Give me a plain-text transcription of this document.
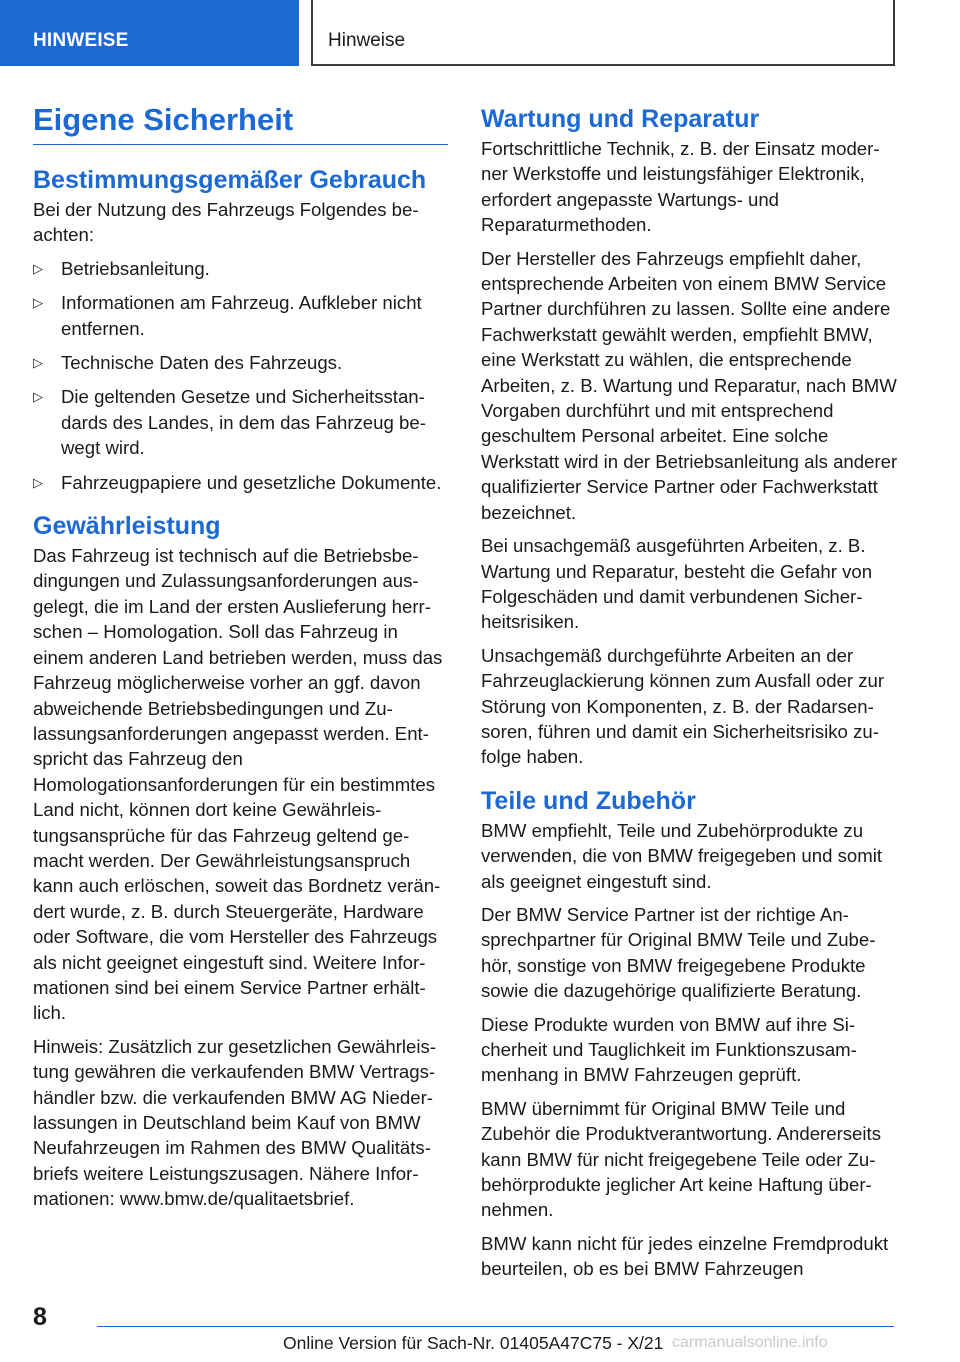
HINWEISE	Hinweise
Eigene Sicherheit
Bestimmungsgemäßer Gebrauch

Bei der Nutzung des Fahrzeugs Folgendes beachten:

▷ Betriebsanleitung.
▷ Informationen am Fahrzeug. Aufkleber nicht entfernen.
▷ Technische Daten des Fahrzeugs.
▷ Die geltenden Gesetze und Sicherheitsstandards des Landes, in dem das Fahrzeug bewegt wird.
▷ Fahrzeugpapiere und gesetzliche Dokumente.
Gewährleistung

Das Fahrzeug ist technisch auf die Betriebsbedingungen und Zulassungsanforderungen ausgelegt, die im Land der ersten Auslieferung herrschen – Homologation. Soll das Fahrzeug in einem anderen Land betrieben werden, muss das Fahrzeug möglicherweise vorher an ggf. davon abweichende Betriebsbedingungen und Zulassungsanforderungen angepasst werden. Entspricht das Fahrzeug den Homologationsanforderungen für ein bestimmtes Land nicht, können dort keine Gewährleistungsansprüche für das Fahrzeug geltend gemacht werden. Der Gewährleistungsanspruch kann auch erlöschen, soweit das Bordnetz verändert wurde, z. B. durch Steuergeräte, Hardware oder Software, die vom Hersteller des Fahrzeugs als nicht geeignet eingestuft sind. Weitere Informationen sind bei einem Service Partner erhältlich.

Hinweis: Zusätzlich zur gesetzlichen Gewährleistung gewähren die verkaufenden BMW Vertragshändler bzw. die verkaufenden BMW AG Niederlassungen in Deutschland beim Kauf von BMW Neufahrzeugen im Rahmen des BMW Qualitätsbriefs weitere Leistungszusagen. Nähere Informationen: www.bmw.de/qualitaetsbrief.

Wartung und Reparatur

Fortschrittliche Technik, z. B. der Einsatz moderner Werkstoffe und leistungsfähiger Elektronik, erfordert angepasste Wartungs- und Reparaturmethoden.

Der Hersteller des Fahrzeugs empfiehlt daher, entsprechende Arbeiten von einem BMW Service Partner durchführen zu lassen. Sollte eine andere Fachwerkstatt gewählt werden, empfiehlt BMW, eine Werkstatt zu wählen, die entsprechende Arbeiten, z. B. Wartung und Reparatur, nach BMW Vorgaben durchführt und mit entsprechend geschultem Personal arbeitet. Eine solche Werkstatt wird in der Betriebsanleitung als anderer qualifizierter Service Partner oder Fachwerkstatt bezeichnet.

Bei unsachgemäß ausgeführten Arbeiten, z. B. Wartung und Reparatur, besteht die Gefahr von Folgeschäden und damit verbundenen Sicherheitsrisiken.

Unsachgemäß durchgeführte Arbeiten an der Fahrzeuglackierung können zum Ausfall oder zur Störung von Komponenten, z. B. der Radarsensoren, führen und damit ein Sicherheitsrisiko zufolge haben.

Teile und Zubehör

BMW empfiehlt, Teile und Zubehörprodukte zu verwenden, die von BMW freigegeben und somit als geeignet eingestuft sind.

Der BMW Service Partner ist der richtige Ansprechpartner für Original BMW Teile und Zubehör, sonstige von BMW freigegebene Produkte sowie die dazugehörige qualifizierte Beratung.

Diese Produkte wurden von BMW auf ihre Sicherheit und Tauglichkeit im Funktionszusammenhang in BMW Fahrzeugen geprüft.

BMW übernimmt für Original BMW Teile und Zubehör die Produktverantwortung. Andererseits kann BMW für nicht freigegebene Teile oder Zubehörprodukte jeglicher Art keine Haftung übernehmen.

BMW kann nicht für jedes einzelne Fremdprodukt beurteilen, ob es bei BMW Fahrzeugen

8
Online Version für Sach-Nr. 01405A47C75 - X/21 carmanualsonline.info
